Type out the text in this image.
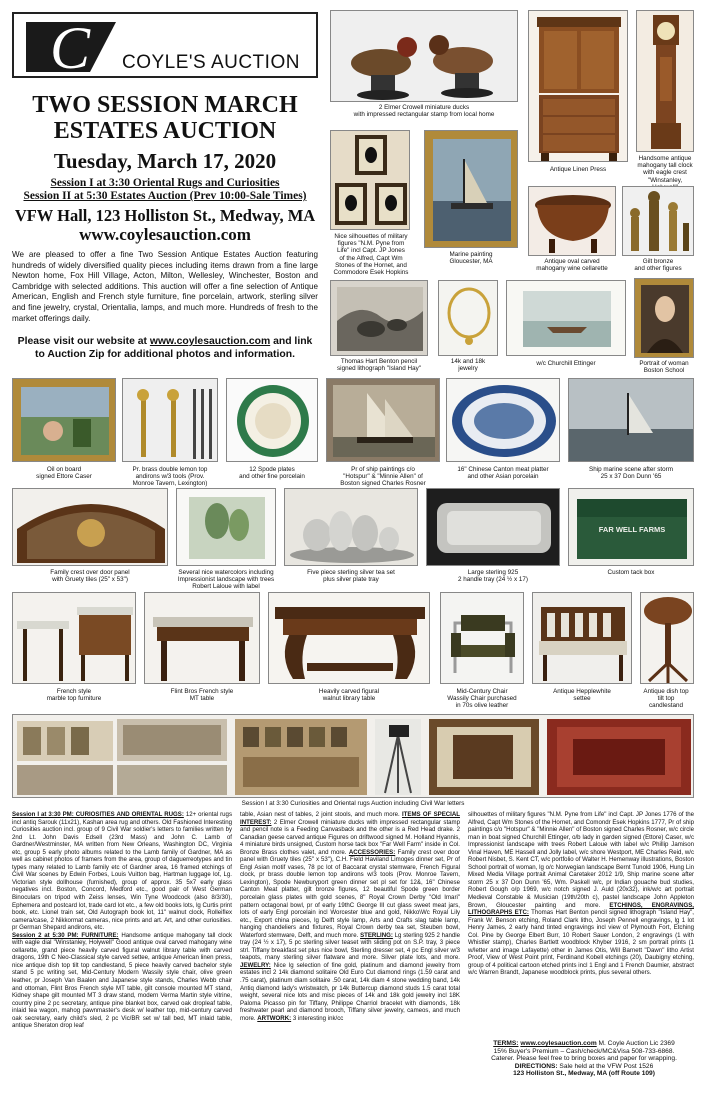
C COYLE'S AUCTION
TWO SESSION MARCH
ESTATES AUCTION
Tuesday, March 17, 2020
Session I at 3:30 Oriental Rugs and Curiosities
Session II at 5:30 Estates Auction (Prev 10:00-Sale Times)
VFW Hall, 123 Holliston St., Medway, MA
www.coylesauction.com
We are pleased to offer a fine Two Session Antique Estates Auction featuring hundreds of widely diversified quality pieces including items drawn from a fine large Newton home, Fox Hill Village, Acton, Milton, Wellesley, Winchester, Boston and Cambridge with selected additions. This auction will offer a fine selection of Antique American, English and French style furniture, fine porcelain, artwork, sterling silver and fine jewelry, crystal, Orientalia, lamps, and much more. Hundreds of fresh to the market offerings daily.
Please visit our website at www.coylesauction.com and link to Auction Zip for additional photos and information.
2 Elmer Crowell miniature ducks
with impressed rectangular stamp from local home
Antique Linen Press
Handsome antique
mahogany tall clock
with eagle crest
"Winstanley,
Nice silhouettes of military
figures "N.M. Pyne from
Life" incl Capt. JP Jones
of the Alfred, Capt Wm
Stones of the Hornet, and
Commodore Esek Hopkins
Marine painting
Gloucester, MA	Antique oval carved
mahogany wine cellarette
Gilt bronze
and other figures
Thomas Hart Benton pencil
signed lithograph "Island Hay"
14k and 18k
jewelry
w/c Churchill Ettinger	Portrait of woman
Boston School
Oil on board
signed Ettore Caser
Pr. brass double lemon top
andirons w/3 tools (Prov.
Monroe Tavern, Lexington)
12 Spode plates
and other fine porcelain
Pr of ship paintings c/o
"Hotspur" & "Minnie Allen" of
Boston signed Charles Rosner
16" Chinese Canton meat platter
and other Asian porcelain
Ship marine scene after storm
25 x 37 Don Dunn '65
Family crest over door panel
with Gruety tiles (25" x 53")
Several nice watercolors including
Impressionist landscape with trees
Robert Laloue with label
Five piece sterling silver tea set
plus silver plate tray
Large sterling 925
2 handle tray (24 ½ x 17)
FAR WELL FARMS
Custom tack box
French style
marble top furniture
Flint Bros French style
MT table
Heavily carved figural
walnut library table
Mid-Century Chair
Wassily Chair purchased
in 70s olive leather
Antique Hepplewhite
settee
Antique dish top
tilt top
candlestand
Session I at 3:30 Curiosities and Oriental rugs Auction including Civil War letters

Session I at 3:30 PM: CURIOSITIES AND ORIENTAL RUGS: 12+ oriental rugs incl antiq Sarouk (11x21), Kashan area rug and others. Old Fashioned Interesting Curiosities auction incl. group of 9 Civil War soldier's letters to families written by 2nd Lt. John Davis Edsell (23rd Mass) and John C. Lamb of Gardner/Westminster, MA written from New Orleans, Washington DC, Virginia etc, group 5 early photo albums related to the Lamb family of Gardner, MA as well as cabinet photos of framers from the area, group of daguerreotypes and tin types many related to Lamb family etc of Gardner area, 16 framed etchings of Civil War scenes by Edwin Forbes, Louis Vuitton bag, Hartman luggage lot, Lg. Victorian style dollhouse (furnished), group of approx. 35 5x7 early glass negatives incl. Boston, Concord, Medford etc., good pair of West German Binoculars on tripod with Zeiss lenses, Win Tyne Woodcock (also 8/3/30), Ephemera and postcard lot, trade card lot etc., a few old books lots, lg Curtis print book, etc. Lionel train set, Old Autograph book lot, 11" walnut clock, Rolleiflex camera/case, 2 Nikkormat cameras, nice prints and art. Art, and other curiosities. pr German Shepard andirons, etc.

Session 2 at 5:30 PM: FURNITURE: Handsome antique mahogany tall clock with eagle dial "Winstanley, Holywell" Good antique oval carved mahogany wine cellarette, grand piece heavily carved figural walnut library table with carved dragons, 19th C Neo-Classical style carved settee, antique American linen press, nice antique dish top tilt top candlestand, 5 piece heavily carved bachelor style stand 5 pc writing set, Mid-Century Modern Wassily style chair, olive green leather, pr Joseph Van Baalen and Japanese style stands, Charles Webb chair and ottoman, Flint Bros French style MT table, gilt console mounted MT stand, Kidney shape gilt mounted MT 3 draw stand, modern Verma Martin style vitrine, country pine 2 pc secretary, antique pine blanket box, carved oak dropleaf table, inlaid tea wagon, mahog pawnmaster's desk w/ leather top, mid-century carved oak secretary, early child's sled, 2 pc Vic/BR set w/ tall bed, MT inlaid table, antique Sheraton drop leaf

table, Asian nest of tables, 2 joint stools, and much more. ITEMS OF SPECIAL INTEREST: 2 Elmer Crowell miniature ducks with impressed rectangular stamp and pencil note is a Feeding Canvasback and the other is a Red Head drake. 2 Canadian geese carved antique Figures on driftwood signed M. Holland Hyannis, 4 miniature birds unsigned, Custom horse tack box "Far Well Farm" inside in Col. Bronze Brass clothes valet, and more. ACCESSORIES: Family crest over door panel with Gruety tiles (25" x 53"), C.H. Field Haviland Limoges dinner set, Pr of Engl Asian motif vases, 78 pc lot of Baccarat crystal stemware, French Figural clock, pr brass double lemon top andirons w/3 tools (Prov. Monroe Tavern, Lexington), Spode Newburyport green dinner set pl set for 12&, 16" Chinese Canton Meat platter, gilt bronze figures, 12 beautiful Spode green border porcelain glass plates with gold scenes, 8" Royal Crown Derby "Old Imari" pattern octagonal bowl, pr of early 19thC George III cut glass sweet meat jars, lots of early Engl porcelain incl Worcester blue and gold, Nikko\Wc Royal Lily etc., Export china pieces, lg Delft style lamp, Arts and Crafts slag table lamp, hanging chandeliers and fixtures, Royal Crown derby tea set, Steuben bowl, Waterford stemware, Delft, and much more. STERLING: Lg sterling 925 2 handle tray (24 ½ x 17), 5 pc sterling silver teaset with sliding pot on S.P. tray, 3 piece strl. Tiffany breakfast set plus nice bowl, Sterling dresser set, 4 pc Engl silver w/3 teapots, many sterling silver flatware and more. Silver plate lots, and more. JEWELRY: Nice lg selection of fine gold, platinum and diamond jewelry from estates incl 2 14k diamond solitaire Old Euro Cut diamond rings (1.59 carat and .75 carat), platinum diam solitaire .50 carat, 14k diam 4 stone wedding band, 14k Antiq diamond lady's wristwatch, pr 14k Buttercup diamond studs 1.5 carat total weight, several nice lots and misc pieces of 14k and 18k gold jewelry incl 18K Paloma Picasso pin for Tiffany, Philippe Charriol bracelet with diamonds, 18k freshwater pearl and diamond brooch, Tiffany silver jewelry, cameos, and much more. ARTWORK: 3 interesting ink/cc

silhouettes of military figures "N.M. Pyne from Life" incl Capt. JP Jones 1776 of the Alfred, Capt Wm Stones of the Hornet, and Comondr Esek Hopkins 1777, Pr of ship paintings c/o "Hotspur" & "Minnie Allen" of Boston signed Charles Rosner, w/c circle man in boat signed Churchill Ettinger, o/b lady in garden signed (Ettore) Caser, w/c Impressionist landscape with trees Robert Laloue with label w/c Phillip Jamison Vinal Haven, ME Hassell and Jolly label, w/c shore Westport, ME Charles Reid, w/c Robert Nisbet, S. Kent CT, w/c portfolio of Walter H. Hemenway illustrations, Boston School portrait of woman, lg o/c Norwegian landscape Bernt Tunold 1906, Hung Lin Mixed Media Village portrait Animal Caretaker 2012 1/9, Ship marine scene after storm 25 x 37 Don Dunn '65, Wm. Paskell w/c, pr Indian gouache bud studies, Robert Gough o/p 1969, w/c notch signed J. Auld (20x32), ink/w/c art portrait Medieval Constable & Musician (19th/20th c), pastel landscape John Appleton Brown, Gloucester painting and more. ETCHINGS, ENGRAVINGS, LITHOGRAPHS ETC: Thomas Hart Benton pencil signed lithograph "Island Hay", Frank W. Benson etching, Roland Clark litho, Joseph Pennell engravings, lg 1 lot Henry James, 2 early hand tinted engravings incl view of Plymouth Fort, Etching Col. Pine by George Elbert Burr, 10 Robert Sauer London, 2 engravings (1 with Whistler stamp), Charles Bartlett woodblock Khyber 1916, 2 sm portrait prints (1 w/letter and image Lafayette) other in James Otis, Will Barnett "Dawn" litho Artist Proof, View of West Point print, Ferdinand Kobell etchings (20), Daubigny etching, group of 4 political cartoon etched prints incl 1 Engl and 1 French Daumier, abstract w/c Warren Brandt, Japanese woodblock prints, plus several others.

TERMS: www.coylesauction.com M. Coyle Auction Lic 2369
15% Buyer's Premium – Cash/check/MC&Visa 508-733-6868.
Caterer. Please feel free to bring boxes and paper for wrapping.
DIRECTIONS: Sale held at the VFW Post 1526
123 Holliston St., Medway, MA (off Route 109)
